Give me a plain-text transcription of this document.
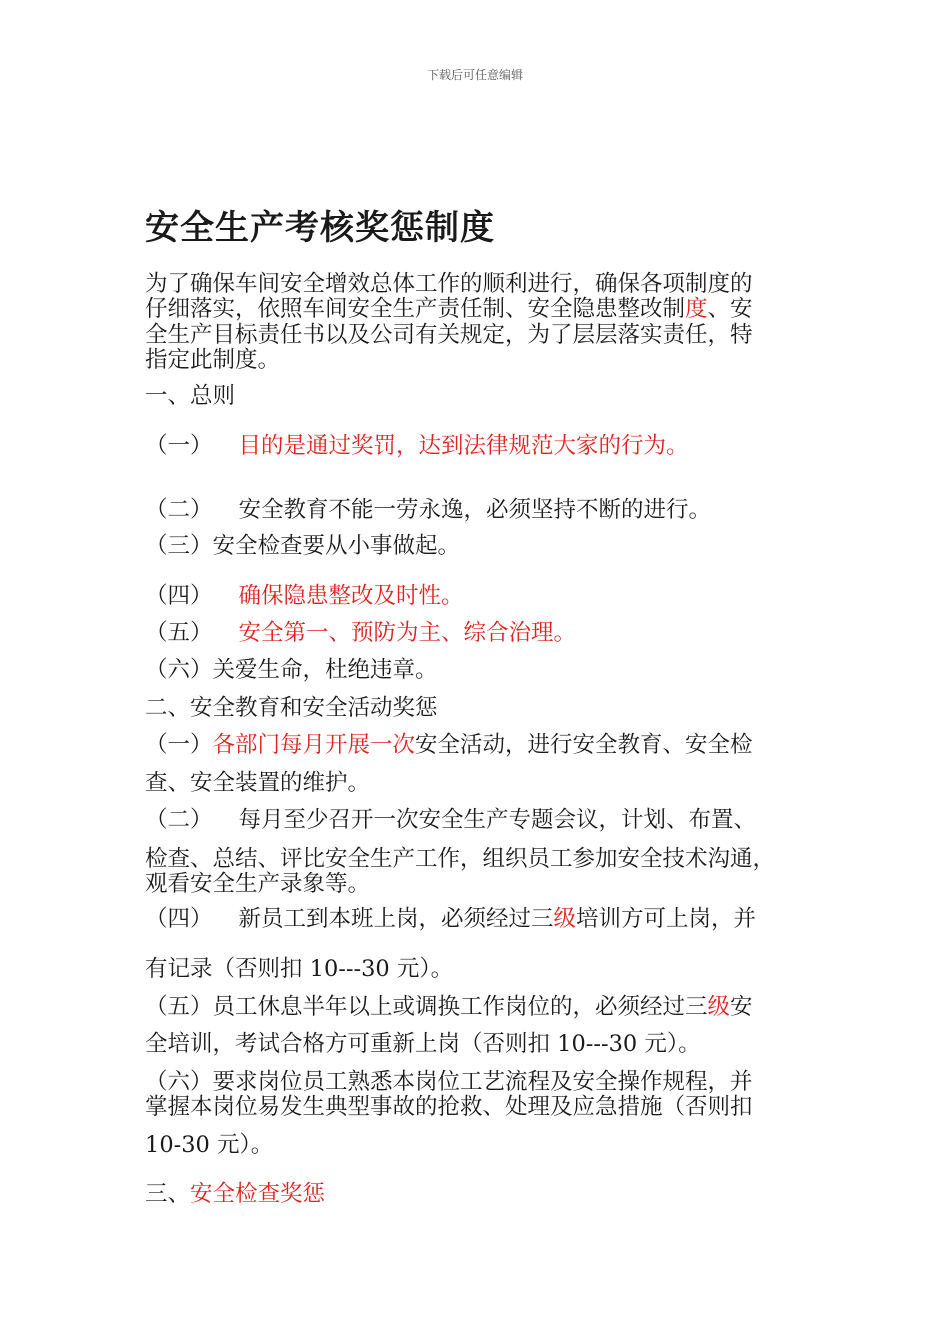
下载后可任意编辑
安全生产考核奖惩制度
为了确保车间安全增效总体工作的顺利进行，确保各项制度的
仔细落实，依照车间安全生产责任制、安全隐患整改制度、安
全生产目标责任书以及公司有关规定，为了层层落实责任，特
指定此制度。
一、总则
（一） 目的是通过奖罚，达到法律规范大家的行为。
（二） 安全教育不能一劳永逸，必须坚持不断的进行。
（三）安全检查要从小事做起。
（四） 确保隐患整改及时性。
（五） 安全第一、预防为主、综合治理。
（六）关爱生命，杜绝违章。
二、安全教育和安全活动奖惩
（一）各部门每月开展一次安全活动，进行安全教育、安全检
查、安全装置的维护。
（二） 每月至少召开一次安全生产专题会议，计划、布置、
检查、总结、评比安全生产工作，组织员工参加安全技术沟通，
观看安全生产录象等。
（四） 新员工到本班上岗，必须经过三级培训方可上岗，并
有记录（否则扣 10---30 元）。
（五）员工休息半年以上或调换工作岗位的，必须经过三级安
全培训，考试合格方可重新上岗（否则扣 10---30 元）。
（六）要求岗位员工熟悉本岗位工艺流程及安全操作规程，并
掌握本岗位易发生典型事故的抢救、处理及应急措施（否则扣
10-30 元）。
三、安全检查奖惩
